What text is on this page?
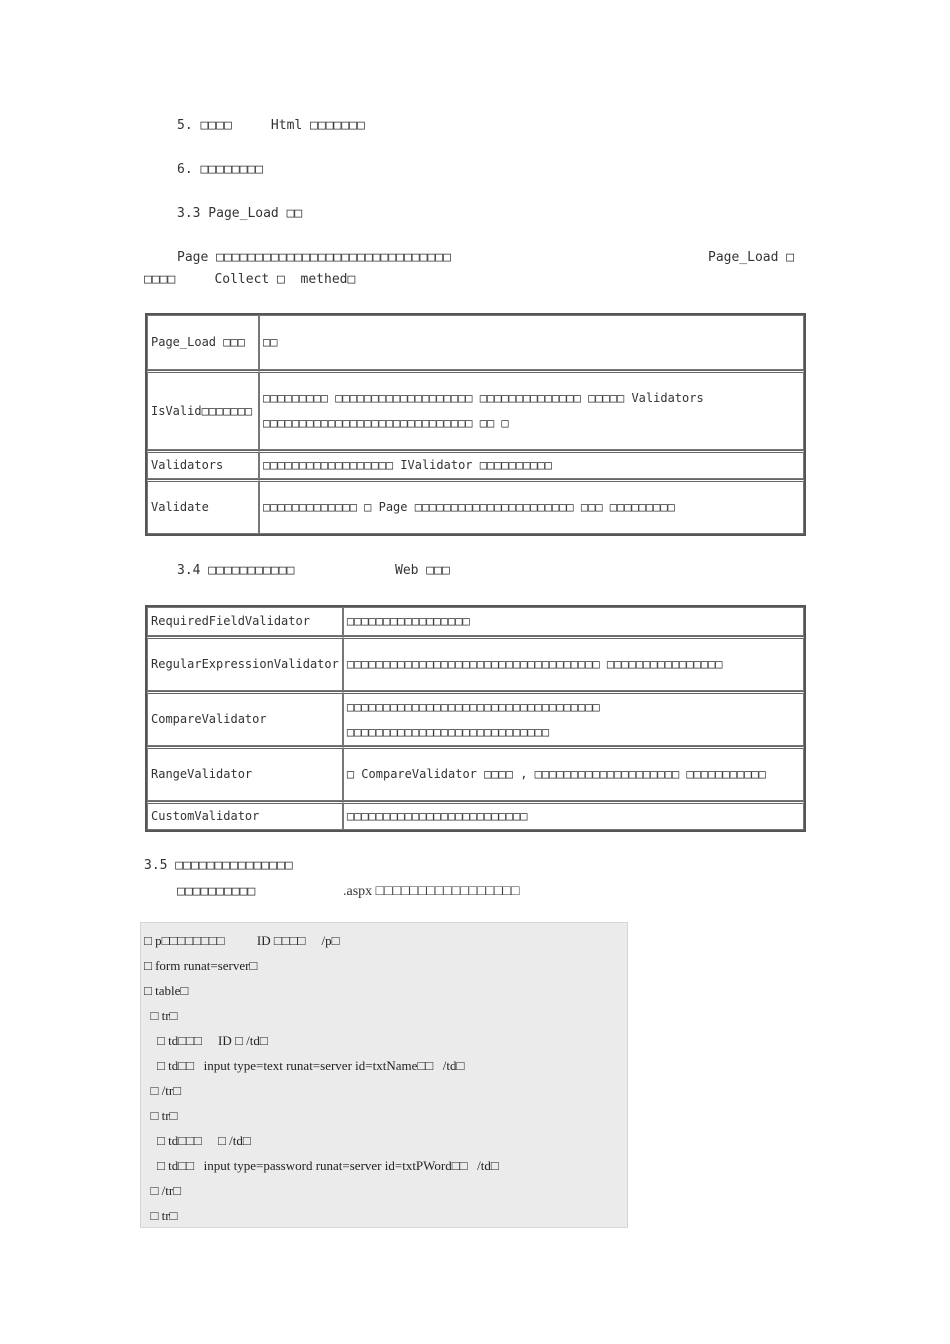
5. □□□□     Html □□□□□□□
6. □□□□□□□□
3.3 Page_Load □□
Page □□□□□□□□□□□□□□□□□□□□□□□□□□□□□□	Page_Load □
□□□□     Collect □  methed□
Page_Load □□□	□□
IsValid□□□□□□□	□□□□□□□□□ □□□□□□□□□□□□□□□□□□□ □□□□□□□□□□□□□□ □□□□□ Validators □□□□□□□□□□□□□□□□□□□□□□□□□□□□□ □□ □
Validators	□□□□□□□□□□□□□□□□□□ IValidator □□□□□□□□□□
Validate	□□□□□□□□□□□□□ □ Page □□□□□□□□□□□□□□□□□□□□□□ □□□ □□□□□□□□□
3.4 □□□□□□□□□□□	Web □□□
RequiredFieldValidator	□□□□□□□□□□□□□□□□□
RegularExpressionValidator	□□□□□□□□□□□□□□□□□□□□□□□□□□□□□□□□□□□ □□□□□□□□□□□□□□□□
CompareValidator	□□□□□□□□□□□□□□□□□□□□□□□□□□□□□□□□□□□ □□□□□□□□□□□□□□□□□□□□□□□□□□□□
RangeValidator	□ CompareValidator □□□□ , □□□□□□□□□□□□□□□□□□□□ □□□□□□□□□□□
CustomValidator	□□□□□□□□□□□□□□□□□□□□□□□□□
3.5 □□□□□□□□□□□□□□□
□□□□□□□□□□	.aspx □□□□□□□□□□□□□□□□□
□ p□□□□□□□□          ID □□□□     /p□
□ form runat=server□
□ table□
□ tr□
□ td□□□     ID □ /td□
□ td□□   input type=text runat=server id=txtName□□   /td□
□ /tr□
□ tr□
□ td□□□     □ /td□
□ td□□   input type=password runat=server id=txtPWord□□   /td□
□ /tr□
□ tr□
